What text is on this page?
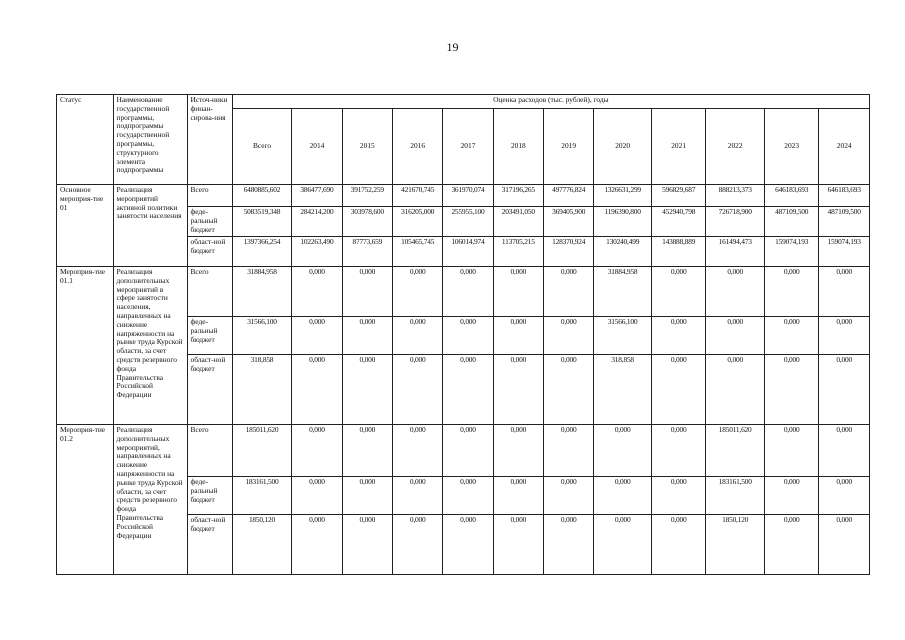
19
Статус	Наименование государственной программы, подпрограммы государственной программы, структурного элемента подпрограммы	Источ-ники финан-сирова-ния	Оценка расходов (тыс. рублей), годы											
			Всего	2014	2015	2016	2017	2018	2019	2020	2021	2022	2023	2024
Основное мероприя-тие 01	Реализация мероприятий активной политики занятости населения	Всего	6480885,602	386477,690	391752,259	421670,745	361970,074	317196,265	497776,824	1326631,299	596829,687	888213,373	646183,693	646183,693
		феде-ральный бюджет	5083519,348	284214,200	303978,600	316205,000	255955,100	203491,050	369405,900	1196390,800	452940,798	726718,900	487109,500	487109,500
		област-ной бюджет	1397366,254	102263,490	87773,659	105465,745	106014,974	113705,215	128370,924	130240,499	143888,889	161494,473	159074,193	159074,193
Мероприя-тие 01.1	Реализация дополнительных мероприятий в сфере занятости населения, направленных на снижение напряженности на рынке труда Курской области, за счет средств резервного фонда Правительства Российской Федерации	Всего	31884,958	0,000	0,000	0,000	0,000	0,000	0,000	31884,958	0,000	0,000	0,000	0,000
		феде-ральный бюджет	31566,100	0,000	0,000	0,000	0,000	0,000	0,000	31566,100	0,000	0,000	0,000	0,000
		област-ной бюджет	318,858	0,000	0,000	0,000	0,000	0,000	0,000	318,858	0,000	0,000	0,000	0,000
Мероприя-тие 01.2	Реализация дополнительных мероприятий, направленных на снижение напряженности на рынке труда Курской области, за счет средств резервного фонда Правительства Российской Федерации	Всего	185011,620	0,000	0,000	0,000	0,000	0,000	0,000	0,000	0,000	185011,620	0,000	0,000
		феде-ральный бюджет	183161,500	0,000	0,000	0,000	0,000	0,000	0,000	0,000	0,000	183161,500	0,000	0,000
		област-ной бюджет	1850,120	0,000	0,000	0,000	0,000	0,000	0,000	0,000	0,000	1850,120	0,000	0,000
